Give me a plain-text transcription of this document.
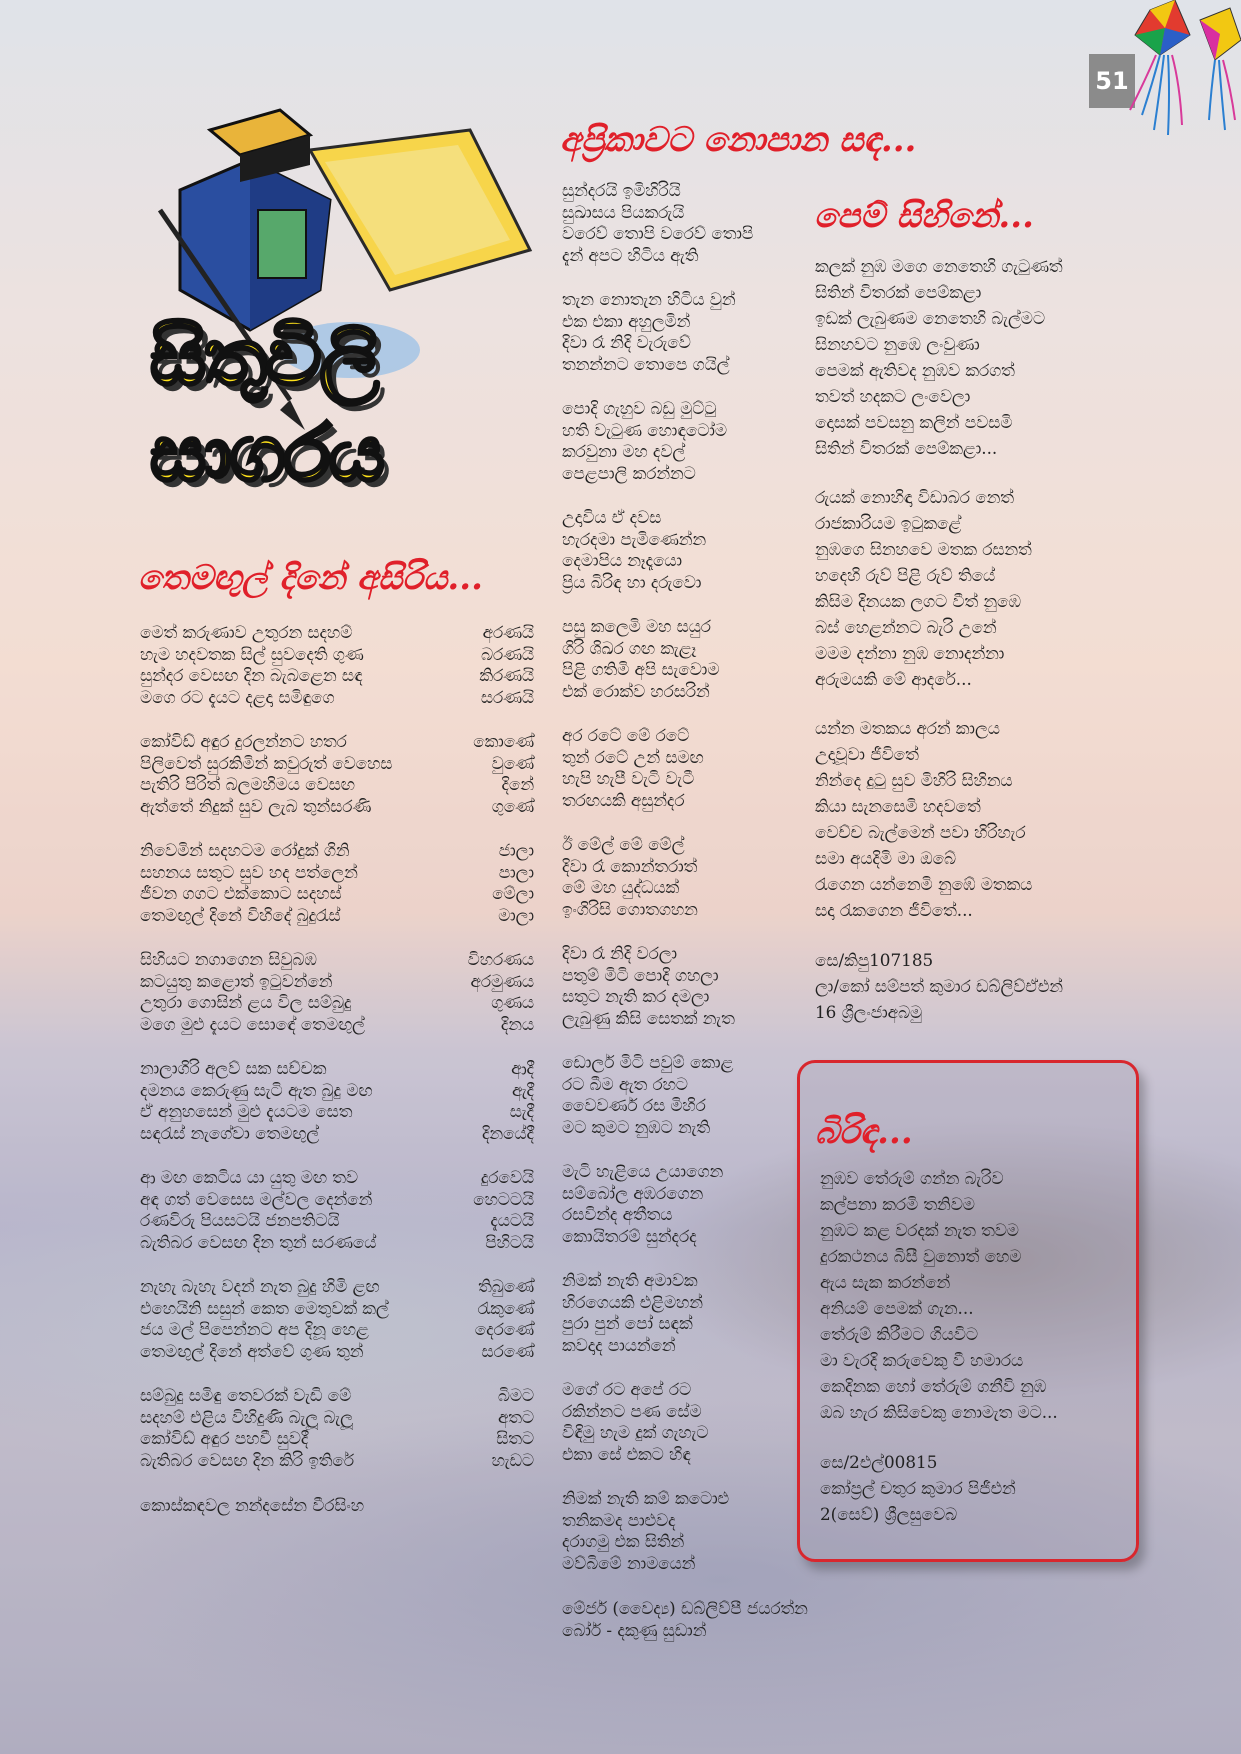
51
සිතුවිලි
සාගරය
තෙමඟුල් දිනේ අසිරිය...
මෙත් කරුණාව උතුරන සදහම්	අරණයි
හැම හදවතක සිල් සුවදෙති ගුණ	බරණයි
සුන්දර වෙසඟ දින බැබළෙන සඳ	කිරණයි
මගෙ රට දැයට දළදා සමිඳුගෙ	සරණයි
කෝවිඩ් අඳුර දුරලන්නට හතර	කොණේ
පිලිවෙත් සුරකිමින් කවුරුත් වෙහෙස	වුණේ
පැතිරි පිරිත් බලමහිමය වෙසඟ	දිනේ
ඇත්තේ නිදුක් සුව ලැබ තුන්සරණි	ගුණේ
නිවෙමින් සදහටම රෝදුක් ගිනි	ජාලා
සහනය සතුට සුව හද පත්ලෙන්	පාලා
ජීවන ගගට එක්කොට සදහස්	මේලා
තෙමඟුල් දිනේ විහිදේ බුදුරැස්	මාලා
සිහියට නගාගෙන සිවුබඹ	විහරණය
කටයුතු කළොත් ඉටුවන්නේ	අරමුණය
උතුරා ගොසින් ළය විල සම්බුදු	ගුණය
මගෙ මුළු දැයට සොඳේ තෙමඟුල්	දිනය
නාලාගිරි අලව් සක සච්චක	ආදී
දමනය කෙරුණු සැටි ඇත බුදු මඟ	ඇදී
ඒ අනුහසෙන් මුළු දැයටම සෙත	සැදී
සඳරැස් නැගේවා තෙමඟුල්	දිනයේදී
ආ මඟ කෙටිය යා යුතු මඟ තව	දුරවෙයි
අඳ ගත් වෙසෙස මල්වල දෙන්නේ	හෙටටයි
රණවිරු පියසටයි ජනපතිටයි	දැයටයි
බැතිබර වෙසඟ දින තුන් සරණයේ	පිහිටයි
නැහැ බැහැ වදන් නැත බුදු හිමි ළඟ	තිබුණේ
එහෙයිනි සසුන් කෙත මෙතුවක් කල්	රැකුණේ
ජය මල් පිපෙන්නට අප දිනූ හෙළ	දෙරණේ
තෙමඟුල් දිනේ අත්වේ ගුණ තුන්	සරණේ
සම්බුදු සමිඳු තෙවරක් වැඩි මේ	බිමට
සදහම් එළිය විහිදුණි බැලූ බැලූ	අතට
කෝවිඩ් අඳුර පහවී සුවදී	සිතට
බැතිබර වෙසඟ දින කිරි ඉතිරේ	හැඩට
කොස්කඳවල නන්දසේන වීරසිංහ
අප්‍රිකාවට නොපාන සඳ...
සුන්දරයි ඉමිහිරියි
සුඛාසය පියකරුයි
වරෙව් තොපි වරෙව් තොපි
දැන් අපට හිටිය ඇති
තැන නොතැන හිටිය වුන්
එක එකා අහුලමින්
දිවා රෑ නිදි වැරුවේ
තනන්නට තොපෙ ගයිල්
පොදි ගැහුව බඩු මුට්ටු
හති වැටුණ හොඳටෝම
කරවුනා මහ දවල්
පෙළපාලි කරන්නට
උදාවිය ඒ දවස
හැරදමා පැමිණෙන්න
දෙමාපිය නෑදෑයො
ප්‍රිය බිරිඳ හා දරුවො
පසු කලෙමි මහ සයුර
ගිරි ශිඛර ගඟ කැළෑ
පිළි ගතිමි අපි සැවොම
එක් රොක්ව හරසරින්
අර රටේ මේ රටේ
තුන් රටේ උන් සමඟ
හැපි හැපී වැටි වැටී
තරඟයකි අසුන්දර
ඊ මේල් මේ මේල්
දිවා රෑ කොන්තරාත්
මේ මහ යුද්ධයක්
ඉංගිරිසි ගොතගහන
දිවා රෑ නිදි වරලා
පතුම් මිටි පොදි ගහලා
සතුට නැති කර දමලා
ලැබුණු කිසි සෙතක් නැත
ඩොලර් මිටි පවුම් කොළ
රට බීම ඇත රහට
වෛවර්ණ රස මිහිර
මට කුමට නුඹට නැති
මැටි හැළියෙ උයාගෙන
සම්බෝල අඹරගෙන
රසවින්ද අතීතය
කොයිතරම් සුන්දරද
නිමක් නැති අමාවක
හිරගෙයකි එළිමහන්
පුරා පුන් පෝ සඳක්
කවදාද පායන්නේ
මගේ රට අපේ රට
රකින්නට පණ සේම
විඳිමු හැම දුක් ගැහැට
එකා සේ එකට හිඳ
නිමක් නැති කම් කටොළු
තනිකමද පාළුවද
දරාගමු එක සිතින්
මව්බිමේ නාමයෙන්
මේජර් (වෛද්‍ය) ඩබ්ලිව්පී ජයරත්න
බෝර් - දකුණු සුඩාන්
පෙම් සිහිනේ...
කලක් නුඹ මගෙ නෙතෙහි ගැටුණත්
සිතින් විතරක් පෙම්කළා
ඉඩක් ලැබුණම නෙතෙහි බැල්මට
සිනහවට නුඹෙ ලංවුණා
පෙමක් ඇතිවද නුඹව කරගත්
තවත් හදකට ලංවෙලා
දොසක් පවසනු කලින් පවසමි
සිතින් විතරක් පෙම්කළා...
රුයක් නොහිඳා විඩාබර නෙත්
රාජකාරියම ඉටුකළේ
නුඹගෙ සිනහවෙ මතක රසනත්
හදෙහි රුව් පිළි රුව් තියේ
කිසිම දිනයක ලගට වීත් නුඹෙ
බස් හෙළන්නට බැරි උනේ
මමම දන්නා නුඹ නොදන්නා
අරුමයකි මේ ආදරේ...
යන්න මතකය අරන් කාලය
උදාවූවා ජීවිතේ
නින්දෙ දුටු සුව මිහිරි සිහිනය
කියා සැනසෙමි හදවතේ
වෙච්ච බැල්මෙන් පවා හිරිහැර
සමා අයදිමි මා ඔබේ
රැගෙන යන්නෙමි නුඹේ මතකය
සදා රැකගෙන ජීවිතේ...
සෙ/කිපු107185
ලා/කෝ සම්පත් කුමාර ඩබ්ලිව්ඒඑන්
16 ශ්‍රීලංජාඅබමු
බිරිඳ...
නුඹව තේරුම් ගන්න බැරිව
කල්පනා කරමි තනිවම
නුඹට කළ වරදක් නැත තවම
දුරකථනය බිසී වුනොත් හෙම
ඇය සැක කරන්නේ
අනියම් පෙමක් ගැන...
තේරුම් කිරීමට ගියවිට
මා වැරදි කරුවෙකු වී හමාරය
කෙදිනක හෝ තේරුම් ගනීවි නුඹ
ඔබ හැර කිසිවෙකු නොමැත මට...
සෙ/2එල්00815
කෝප්‍රල් චතුර කුමාර පිජීඑන්
2(සෙව්) ශ්‍රීලසුවෙබ
